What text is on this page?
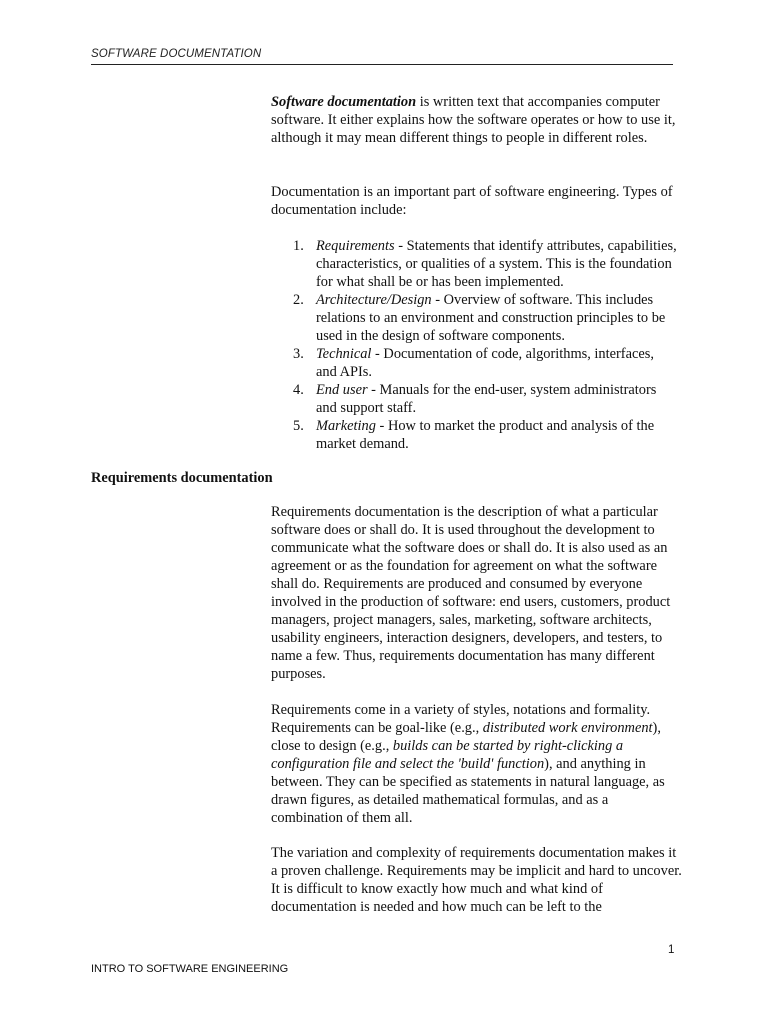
SOFTWARE DOCUMENTATION

Software documentation is written text that accompanies computer software. It either explains how the software operates or how to use it, although it may mean different things to people in different roles.

Documentation is an important part of software engineering. Types of documentation include:

1. Requirements - Statements that identify attributes, capabilities, characteristics, or qualities of a system. This is the foundation for what shall be or has been implemented.
2. Architecture/Design - Overview of software. This includes relations to an environment and construction principles to be used in the design of software components.
3. Technical - Documentation of code, algorithms, interfaces, and APIs.
4. End user - Manuals for the end-user, system administrators and support staff.
5. Marketing - How to market the product and analysis of the market demand.
Requirements documentation

Requirements documentation is the description of what a particular software does or shall do. It is used throughout the development to communicate what the software does or shall do. It is also used as an agreement or as the foundation for agreement on what the software shall do. Requirements are produced and consumed by everyone involved in the production of software: end users, customers, product managers, project managers, sales, marketing, software architects, usability engineers, interaction designers, developers, and testers, to name a few. Thus, requirements documentation has many different purposes.

Requirements come in a variety of styles, notations and formality. Requirements can be goal-like (e.g., distributed work environment), close to design (e.g., builds can be started by right-clicking a configuration file and select the 'build' function), and anything in between. They can be specified as statements in natural language, as drawn figures, as detailed mathematical formulas, and as a combination of them all.

The variation and complexity of requirements documentation makes it a proven challenge. Requirements may be implicit and hard to uncover. It is difficult to know exactly how much and what kind of documentation is needed and how much can be left to the

1
INTRO TO SOFTWARE ENGINEERING
